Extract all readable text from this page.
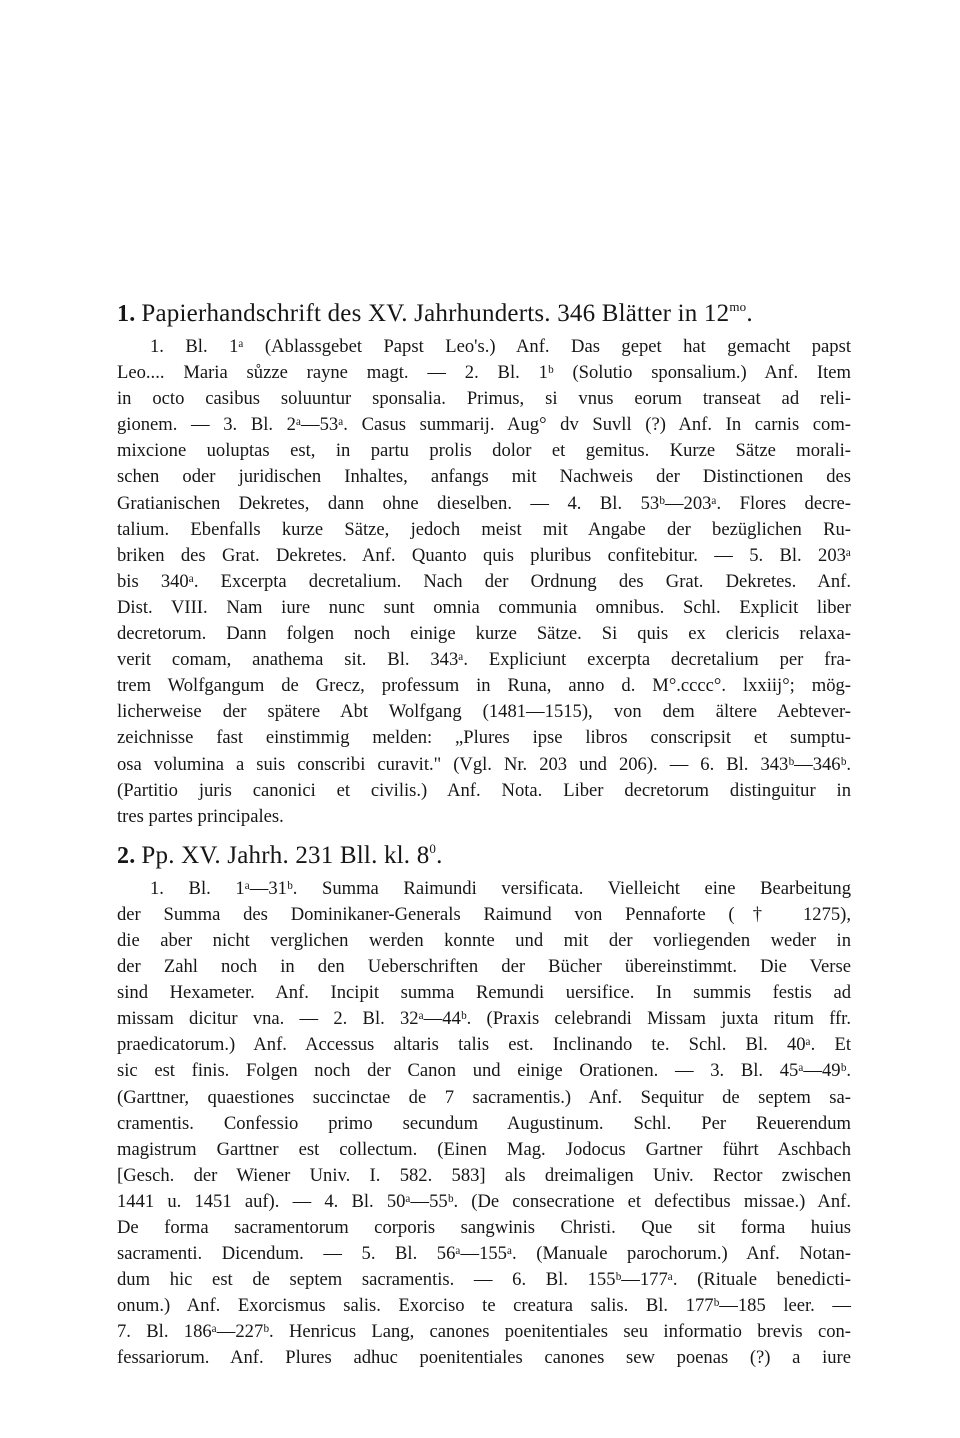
1. Papierhandschrift des XV. Jahrhunderts. 346 Blätter in $12^{mo}$.
1. Bl. 1ᵃ (Ablassgebet Papst Leo's.) Anf. Das gepet hat gemacht papst
Leo.... Maria sůzze rayne magt. — 2. Bl. 1ᵇ (Solutio sponsalium.) Anf. Item
in octo casibus soluuntur sponsalia. Primus, si vnus eorum transeat ad reli-
gionem. — 3. Bl. 2ᵃ—53ᵃ. Casus summarij. Aug° dv Suvll (?) Anf. In carnis com-
mixcione uoluptas est, in partu prolis dolor et gemitus. Kurze Sätze morali-
schen oder juridischen Inhaltes, anfangs mit Nachweis der Distinctionen des
Gratianischen Dekretes, dann ohne dieselben. — 4. Bl. 53ᵇ—203ᵃ. Flores decre-
talium. Ebenfalls kurze Sätze, jedoch meist mit Angabe der bezüglichen Ru-
briken des Grat. Dekretes. Anf. Quanto quis pluribus confitebitur. — 5. Bl. 203ᵃ
bis 340ᵃ. Excerpta decretalium. Nach der Ordnung des Grat. Dekretes. Anf.
Dist. VIII. Nam iure nunc sunt omnia communia omnibus. Schl. Explicit liber
decretorum. Dann folgen noch einige kurze Sätze. Si quis ex clericis relaxa-
verit comam, anathema sit. Bl. 343ᵃ. Expliciunt excerpta decretalium per fra-
trem Wolfgangum de Grecz, professum in Runa, anno d. M°.cccc°. lxxiij°; mög-
licherweise der spätere Abt Wolfgang (1481—1515), von dem ältere Aebtever-
zeichnisse fast einstimmig melden: „Plures ipse libros conscripsit et sumptu-
osa volumina a suis conscribi curavit." (Vgl. Nr. 203 und 206). — 6. Bl. 343ᵇ—346ᵇ.
(Partitio juris canonici et civilis.) Anf. Nota. Liber decretorum distinguitur in
tres partes principales.
2. Pp. XV. Jahrh. 231 Bll. kl. $8^0$.
1. Bl. 1ᵃ—31ᵇ. Summa Raimundi versificata. Vielleicht eine Bearbeitung
der Summa des Dominikaner-Generals Raimund von Pennaforte († 1275),
die aber nicht verglichen werden konnte und mit der vorliegenden weder in
der Zahl noch in den Ueberschriften der Bücher übereinstimmt. Die Verse
sind Hexameter. Anf. Incipit summa Remundi uersifice. In summis festis ad
missam dicitur vna. — 2. Bl. 32ᵃ—44ᵇ. (Praxis celebrandi Missam juxta ritum ffr.
praedicatorum.) Anf. Accessus altaris talis est. Inclinando te. Schl. Bl. 40ᵃ. Et
sic est finis. Folgen noch der Canon und einige Orationen. — 3. Bl. 45ᵃ—49ᵇ.
(Garttner, quaestiones succinctae de 7 sacramentis.) Anf. Sequitur de septem sa-
cramentis. Confessio primo secundum Augustinum. Schl. Per Reuerendum
magistrum Garttner est collectum. (Einen Mag. Jodocus Gartner führt Aschbach
[Gesch. der Wiener Univ. I. 582. 583] als dreimaligen Univ. Rector zwischen
1441 u. 1451 auf). — 4. Bl. 50ᵃ—55ᵇ. (De consecratione et defectibus missae.) Anf.
De forma sacramentorum corporis sangwinis Christi. Que sit forma huius
sacramenti. Dicendum. — 5. Bl. 56ᵃ—155ᵃ. (Manuale parochorum.) Anf. Notan-
dum hic est de septem sacramentis. — 6. Bl. 155ᵇ—177ᵃ. (Rituale benedicti-
onum.) Anf. Exorcismus salis. Exorciso te creatura salis. Bl. 177ᵇ—185 leer. —
7. Bl. 186ᵃ—227ᵇ. Henricus Lang, canones poenitentiales seu informatio brevis con-
fessariorum. Anf. Plures adhuc poenitentiales canones sew poenas (?) a iure
